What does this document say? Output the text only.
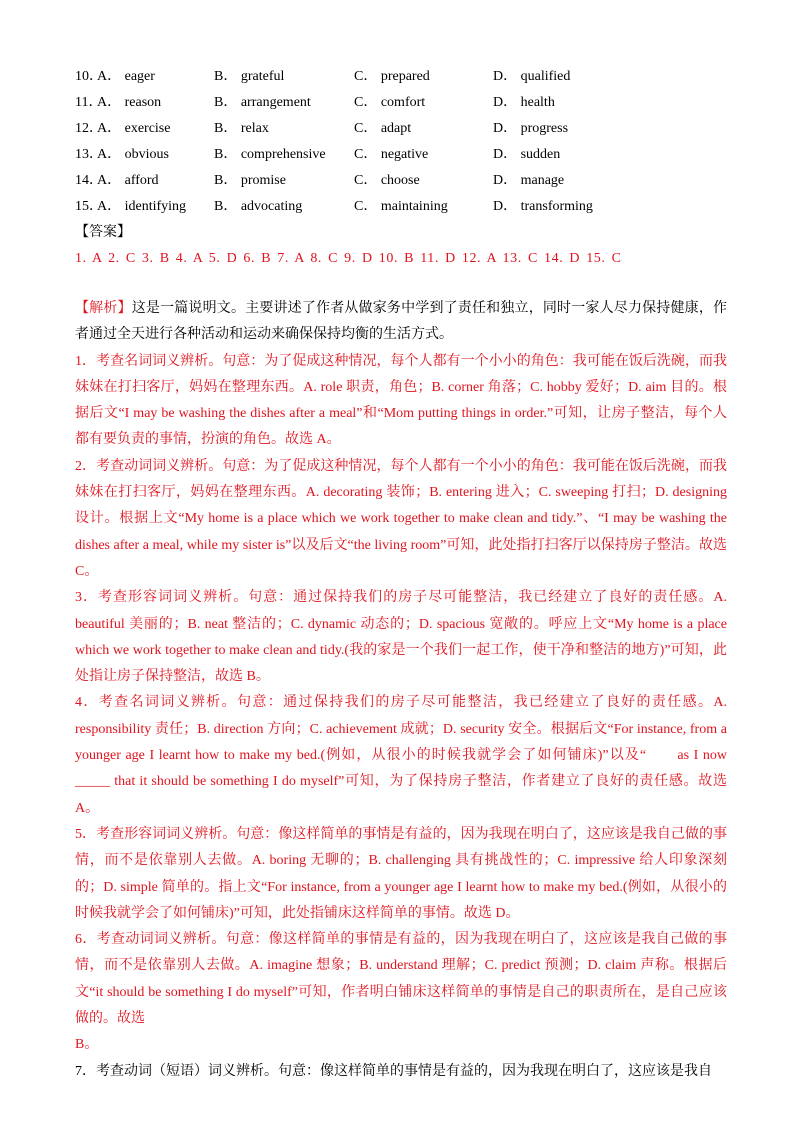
10．
A． eager	B． grateful	C． prepared	D． qualified
11．
A． reason	B． arrangement	C． comfort	D． health
12．
A． exercise	B． relax	C． adapt	D． progress
13．
A． obvious	B． comprehensive C． negative	D． sudden
14．
A． afford	B． promise	C． choose	D． manage
15．
A． identifying B． advocating	C． maintaining	D． transforming
【答案】
1. A 2. C 3. B 4. A 5. D 6. B 7. A 8. C 9. D 10. B 11. D 12. A 13. C 14. D 15. C

【解析】这是一篇说明文。主要讲述了作者从做家务中学到了责任和独立，同时一家人尽力保持健康，作者通过全天进行各种活动和运动来确保保持均衡的生活方式。

1．考查名词词义辨析。句意：为了促成这种情况，每个人都有一个小小的角色：我可能在饭后洗碗，而我妹妹在打扫客厅，妈妈在整理东西。A. role 职责，角色；B. corner 角落；C. hobby 爱好；D. aim 目的。根据后文“I may be washing the dishes after a meal”和“Mom putting things in order.”可知，让房子整洁，每个人都有要负责的事情，扮演的角色。故选 A。

2．考查动词词义辨析。句意：为了促成这种情况，每个人都有一个小小的角色：我可能在饭后洗碗，而我妹妹在打扫客厅，妈妈在整理东西。A. decorating 装饰；B. entering 进入；C. sweeping 打扫；D. designing 设计。根据上文“My home is a place which we work together to make clean and tidy.”、“I may be washing the dishes after a meal, while my sister is”以及后文“the living room”可知，此处指打扫客厅以保持房子整洁。故选 C。

3．考查形容词词义辨析。句意：通过保持我们的房子尽可能整洁，我已经建立了良好的责任感。A. beautiful 美丽的；B. neat 整洁的；C. dynamic 动态的；D. spacious 宽敞的。呼应上文“My home is a place which we work together to make clean and tidy.(我的家是一个我们一起工作，使干净和整洁的地方)”可知，此处指让房子保持整洁，故选 B。

4．考查名词词义辨析。句意：通过保持我们的房子尽可能整洁，我已经建立了良好的责任感。A. responsibility 责任；B. direction 方向；C. achievement 成就；D. security 安全。根据后文“For instance, from a younger age I learnt how to make my bed.(例如，从很小的时候我就学会了如何铺床)”以及“　　as I now _____ that it should be something I do myself”可知，为了保持房子整洁，作者建立了良好的责任感。故选 A。

5．考查形容词词义辨析。句意：像这样简单的事情是有益的，因为我现在明白了，这应该是我自己做的事情，而不是依靠别人去做。A. boring 无聊的；B. challenging 具有挑战性的；C. impressive 给人印象深刻的；D. simple 简单的。指上文“For instance, from a younger age I learnt how to make my bed.(例如，从很小的时候我就学会了如何铺床)”可知，此处指铺床这样简单的事情。故选 D。

6．考查动词词义辨析。句意：像这样简单的事情是有益的，因为我现在明白了，这应该是我自己做的事情，而不是依靠别人去做。A. imagine 想象；B. understand 理解；C. predict 预测；D. claim 声称。根据后文“it should be something I do myself”可知，作者明白铺床这样简单的事情是自己的职责所在，是自己应该做的。故选
B。

7．考查动词（短语）词义辨析。句意：像这样简单的事情是有益的，因为我现在明白了，这应该是我自
